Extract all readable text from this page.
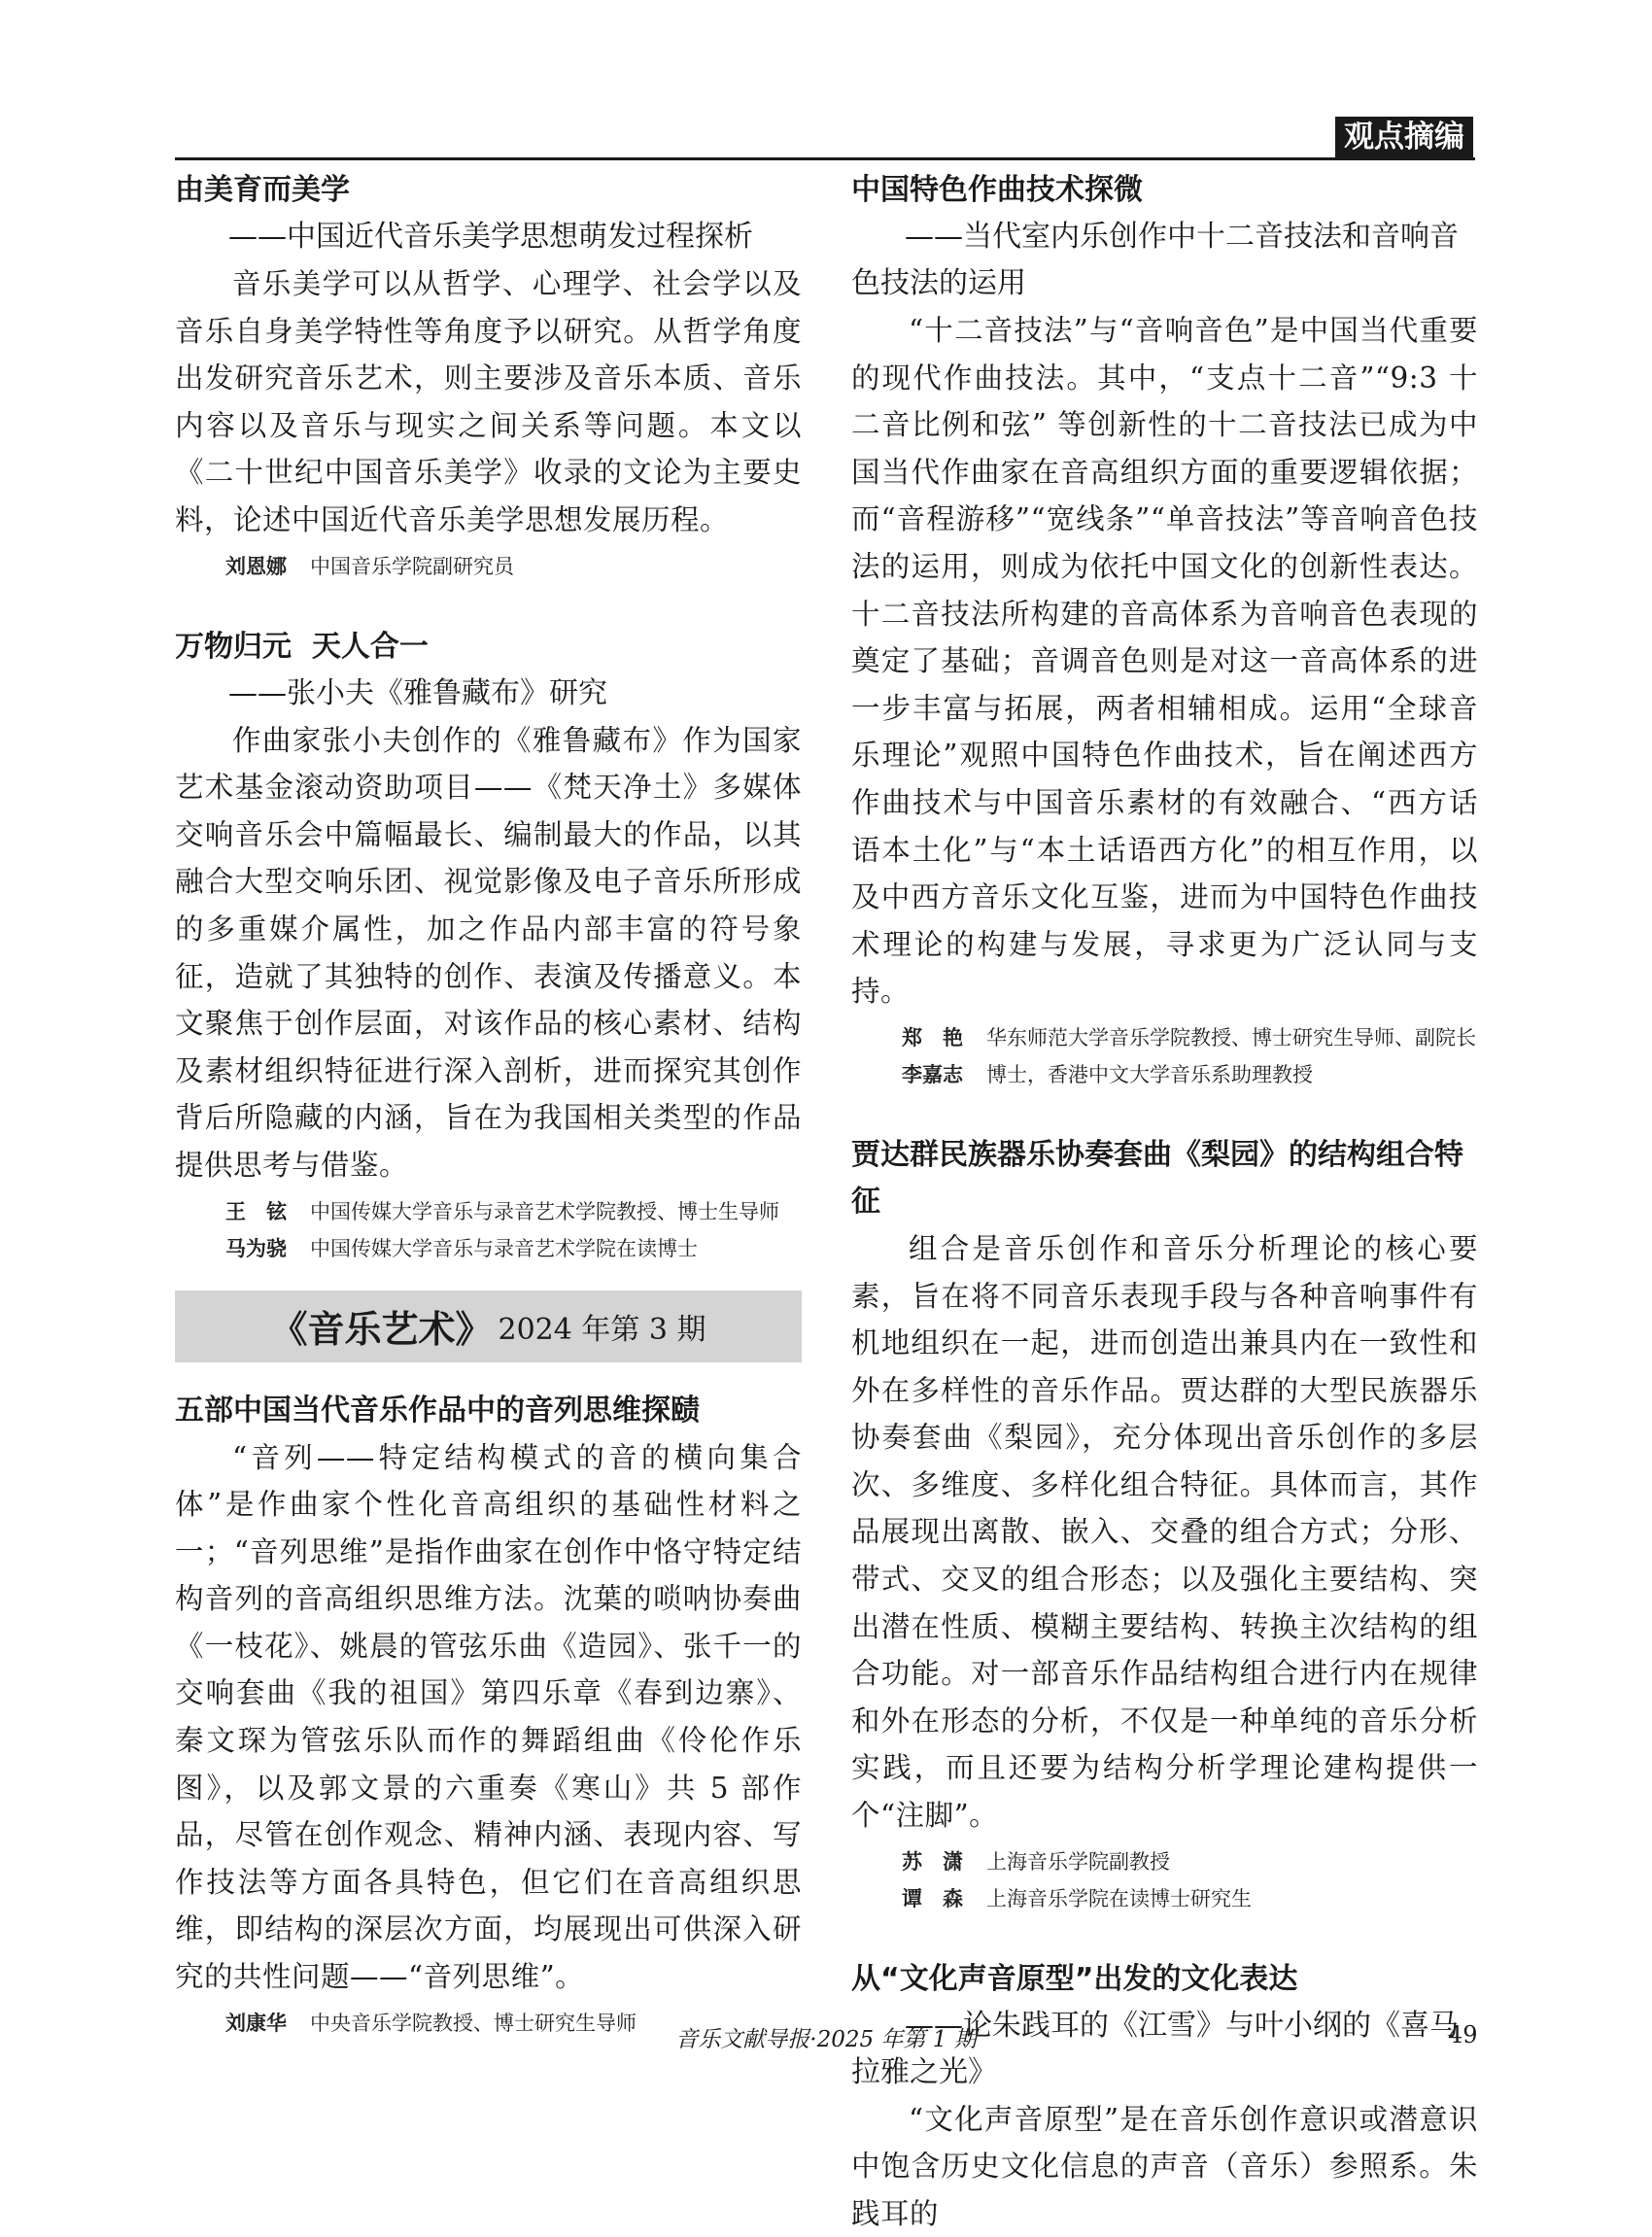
观点摘编

由美育而美学

——中国近代音乐美学思想萌发过程探析

音乐美学可以从哲学、心理学、社会学以及音乐自身美学特性等角度予以研究。从哲学角度出发研究音乐艺术，则主要涉及音乐本质、音乐内容以及音乐与现实之间关系等问题。本文以《二十世纪中国音乐美学》收录的文论为主要史料，论述中国近代音乐美学思想发展历程。

刘恩娜 中国音乐学院副研究员

万物归元  天人合一

——张小夫《雅鲁藏布》研究

作曲家张小夫创作的《雅鲁藏布》作为国家艺术基金滚动资助项目——《梵天净土》多媒体交响音乐会中篇幅最长、编制最大的作品，以其融合大型交响乐团、视觉影像及电子音乐所形成的多重媒介属性，加之作品内部丰富的符号象征，造就了其独特的创作、表演及传播意义。本文聚焦于创作层面，对该作品的核心素材、结构及素材组织特征进行深入剖析，进而探究其创作背后所隐藏的内涵，旨在为我国相关类型的作品提供思考与借鉴。

王　铉 中国传媒大学音乐与录音艺术学院教授、博士生导师

马为骁 中国传媒大学音乐与录音艺术学院在读博士

《音乐艺术》 2024 年第 3 期

五部中国当代音乐作品中的音列思维探赜

“音列——特定结构模式的音的横向集合体”是作曲家个性化音高组织的基础性材料之一；“音列思维”是指作曲家在创作中恪守特定结构音列的音高组织思维方法。沈葉的唢呐协奏曲《一枝花》、姚晨的管弦乐曲《造园》、张千一的交响套曲《我的祖国》第四乐章《春到边寨》、秦文琛为管弦乐队而作的舞蹈组曲《伶伦作乐图》，以及郭文景的六重奏《寒山》共 5 部作品，尽管在创作观念、精神内涵、表现内容、写作技法等方面各具特色，但它们在音高组织思维，即结构的深层次方面，均展现出可供深入研究的共性问题——“音列思维”。

刘康华 中央音乐学院教授、博士研究生导师

中国特色作曲技术探微

——当代室内乐创作中十二音技法和音响音色技法的运用

“十二音技法”与“音响音色”是中国当代重要的现代作曲技法。其中，“支点十二音”“9:3 十二音比例和弦” 等创新性的十二音技法已成为中国当代作曲家在音高组织方面的重要逻辑依据；而“音程游移”“宽线条”“单音技法”等音响音色技法的运用，则成为依托中国文化的创新性表达。十二音技法所构建的音高体系为音响音色表现的奠定了基础；音调音色则是对这一音高体系的进一步丰富与拓展，两者相辅相成。运用“全球音乐理论”观照中国特色作曲技术，旨在阐述西方作曲技术与中国音乐素材的有效融合、“西方话语本土化”与“本土话语西方化”的相互作用，以及中西方音乐文化互鉴，进而为中国特色作曲技术理论的构建与发展，寻求更为广泛认同与支持。

郑　艳 华东师范大学音乐学院教授、博士研究生导师、副院长

李嘉志 博士，香港中文大学音乐系助理教授

贾达群民族器乐协奏套曲《梨园》的结构组合特征

组合是音乐创作和音乐分析理论的核心要素，旨在将不同音乐表现手段与各种音响事件有机地组织在一起，进而创造出兼具内在一致性和外在多样性的音乐作品。贾达群的大型民族器乐协奏套曲《梨园》，充分体现出音乐创作的多层次、多维度、多样化组合特征。具体而言，其作品展现出离散、嵌入、交叠的组合方式；分形、带式、交叉的组合形态；以及强化主要结构、突出潜在性质、模糊主要结构、转换主次结构的组合功能。对一部音乐作品结构组合进行内在规律和外在形态的分析，不仅是一种单纯的音乐分析实践，而且还要为结构分析学理论建构提供一个“注脚”。

苏　潇 上海音乐学院副教授

谭　森 上海音乐学院在读博士研究生

从“文化声音原型”出发的文化表达

——论朱践耳的《江雪》与叶小纲的《喜马拉雅之光》

“文化声音原型”是在音乐创作意识或潜意识中饱含历史文化信息的声音（音乐）参照系。朱践耳的

音乐文献导报·2025 年第 1 期	49
